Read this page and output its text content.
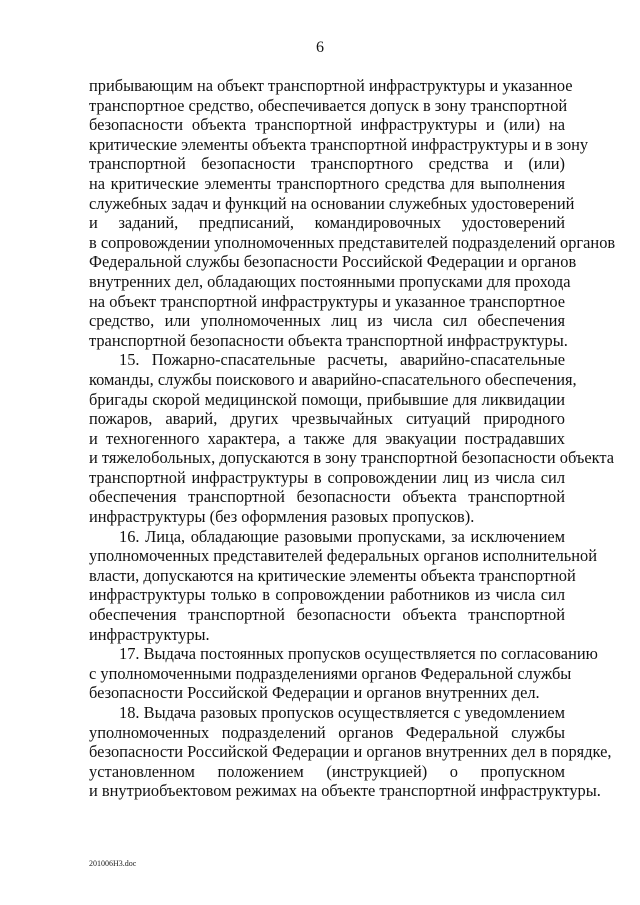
6
прибывающим на объект транспортной инфраструктуры и указанное
транспортное средство, обеспечивается допуск в зону транспортной
безопасности объекта транспортной инфраструктуры и (или) на
критические элементы объекта транспортной инфраструктуры и в зону
транспортной безопасности транспортного средства и (или)
на критические элементы транспортного средства для выполнения
служебных задач и функций на основании служебных удостоверений
и заданий, предписаний, командировочных удостоверений
в сопровождении уполномоченных представителей подразделений органов
Федеральной службы безопасности Российской Федерации и органов
внутренних дел, обладающих постоянными пропусками для прохода
на объект транспортной инфраструктуры и указанное транспортное
средство, или уполномоченных лиц из числа сил обеспечения
транспортной безопасности объекта транспортной инфраструктуры.
15. Пожарно-спасательные расчеты, аварийно-спасательные
команды, службы поискового и аварийно-спасательного обеспечения,
бригады скорой медицинской помощи, прибывшие для ликвидации
пожаров, аварий, других чрезвычайных ситуаций природного
и техногенного характера, а также для эвакуации пострадавших
и тяжелобольных, допускаются в зону транспортной безопасности объекта
транспортной инфраструктуры в сопровождении лиц из числа сил
обеспечения транспортной безопасности объекта транспортной
инфраструктуры (без оформления разовых пропусков).
16. Лица, обладающие разовыми пропусками, за исключением
уполномоченных представителей федеральных органов исполнительной
власти, допускаются на критические элементы объекта транспортной
инфраструктуры только в сопровождении работников из числа сил
обеспечения транспортной безопасности объекта транспортной
инфраструктуры.
17. Выдача постоянных пропусков осуществляется по согласованию
с уполномоченными подразделениями органов Федеральной службы
безопасности Российской Федерации и органов внутренних дел.
18. Выдача разовых пропусков осуществляется с уведомлением
уполномоченных подразделений органов Федеральной службы
безопасности Российской Федерации и органов внутренних дел в порядке,
установленном положением (инструкцией) о пропускном
и внутриобъектовом режимах на объекте транспортной инфраструктуры.
201006H3.doc
